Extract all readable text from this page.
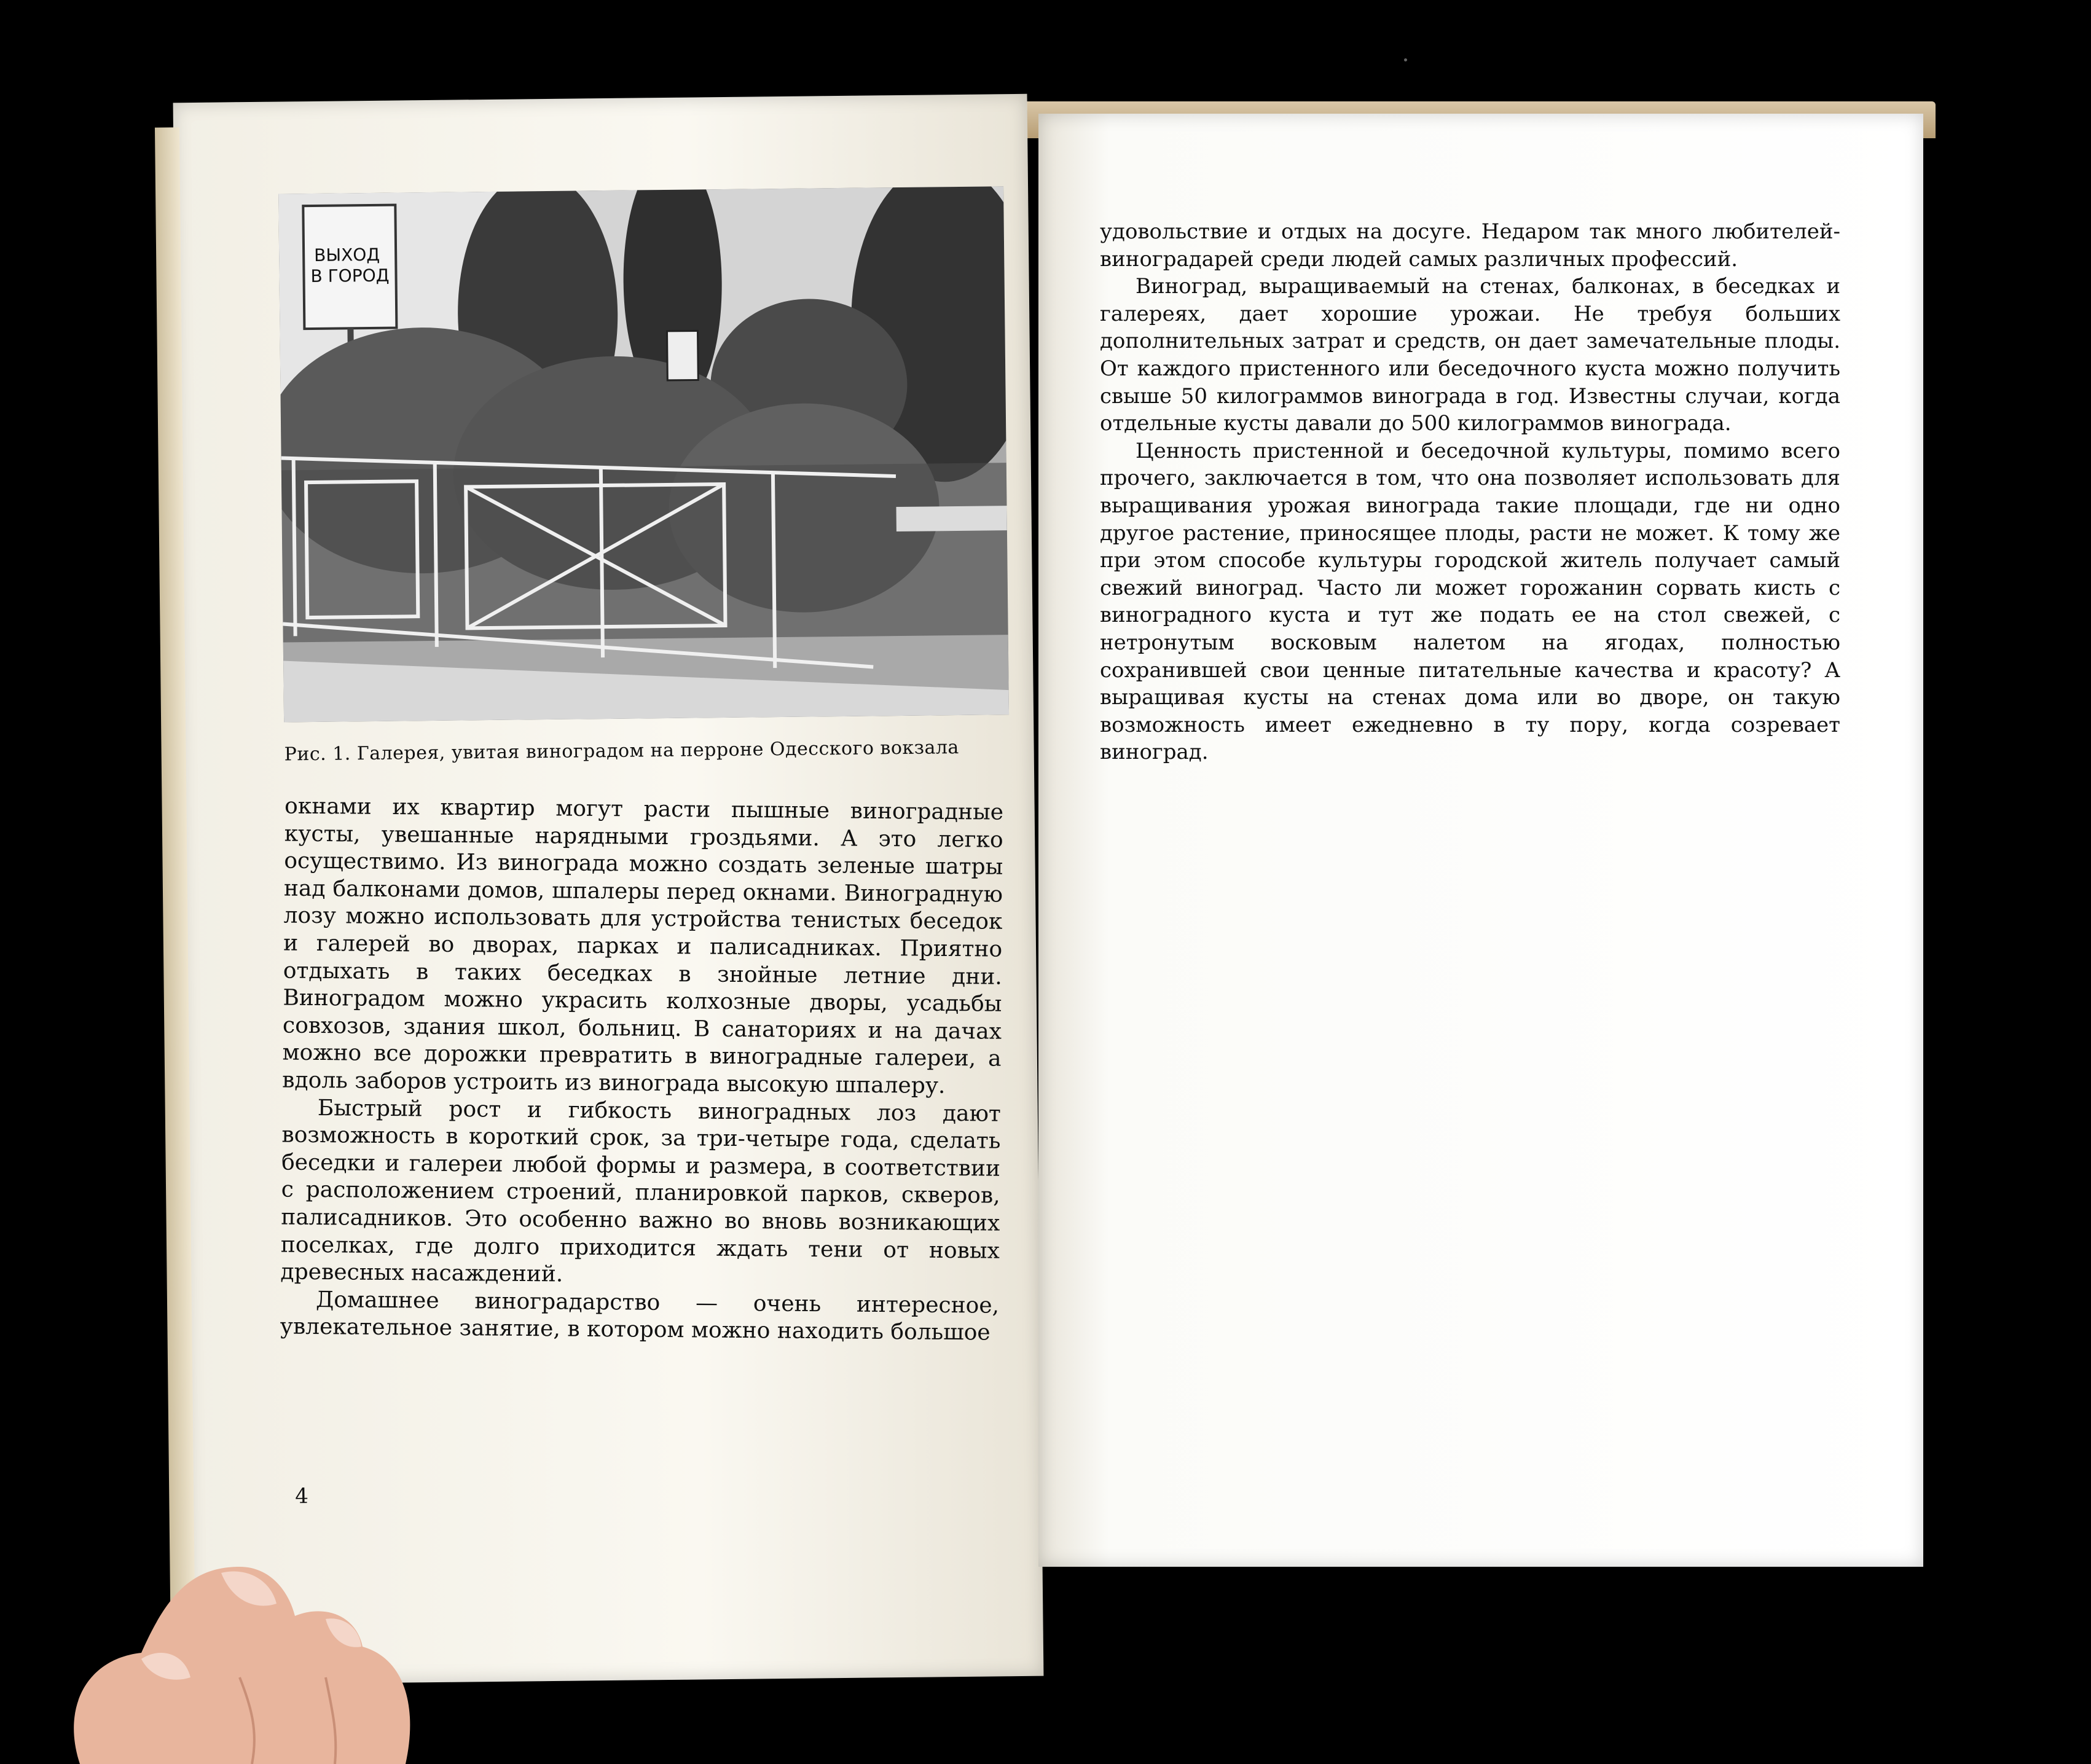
ВЫХОД В ГОРОД
Рис. 1. Галерея, увитая виноградом на перроне Одесского вокзала

окнами их квартир могут расти пышные виноградные кусты, увешанные нарядными гроздьями. А это легко осуществимо. Из винограда можно создать зеленые шатры над балконами домов, шпалеры перед окнами. Виноградную лозу можно использовать для устройства тенистых беседок и галерей во дворах, парках и палисадниках. Приятно отдыхать в таких беседках в знойные летние дни. Виноградом можно украсить колхозные дворы, усадьбы совхозов, здания школ, больниц. В санаториях и на дачах можно все дорожки превратить в виноградные галереи, а вдоль заборов устроить из винограда высокую шпалеру.

Быстрый рост и гибкость виноградных лоз дают возможность в короткий срок, за три-четыре года, сделать беседки и галереи любой формы и размера, в соответствии с расположением строений, планировкой парков, скверов, палисадников. Это особенно важно во вновь возникающих поселках, где долго приходится ждать тени от новых древесных насаждений.

Домашнее виноградарство — очень интересное, увлекательное занятие, в котором можно находить большое

4

удовольствие и отдых на досуге. Недаром так много любителей-виноградарей среди людей самых различных профессий.

Виноград, выращиваемый на стенах, балконах, в беседках и галереях, дает хорошие урожаи. Не требуя больших дополнительных затрат и средств, он дает замечательные плоды. От каждого пристенного или беседочного куста можно получить свыше 50 килограммов винограда в год. Известны случаи, когда отдельные кусты давали до 500 килограммов винограда.

Ценность пристенной и беседочной культуры, помимо всего прочего, заключается в том, что она позволяет использовать для выращивания урожая винограда такие площади, где ни одно другое растение, приносящее плоды, расти не может. К тому же при этом способе культуры городской житель получает самый свежий виноград. Часто ли может горожанин сорвать кисть с виноградного куста и тут же подать ее на стол свежей, с нетронутым восковым налетом на ягодах, полностью сохранившей свои ценные питательные качества и красоту? А выращивая кусты на стенах дома или во дворе, он такую возможность имеет ежедневно в ту пору, когда созревает виноград.
